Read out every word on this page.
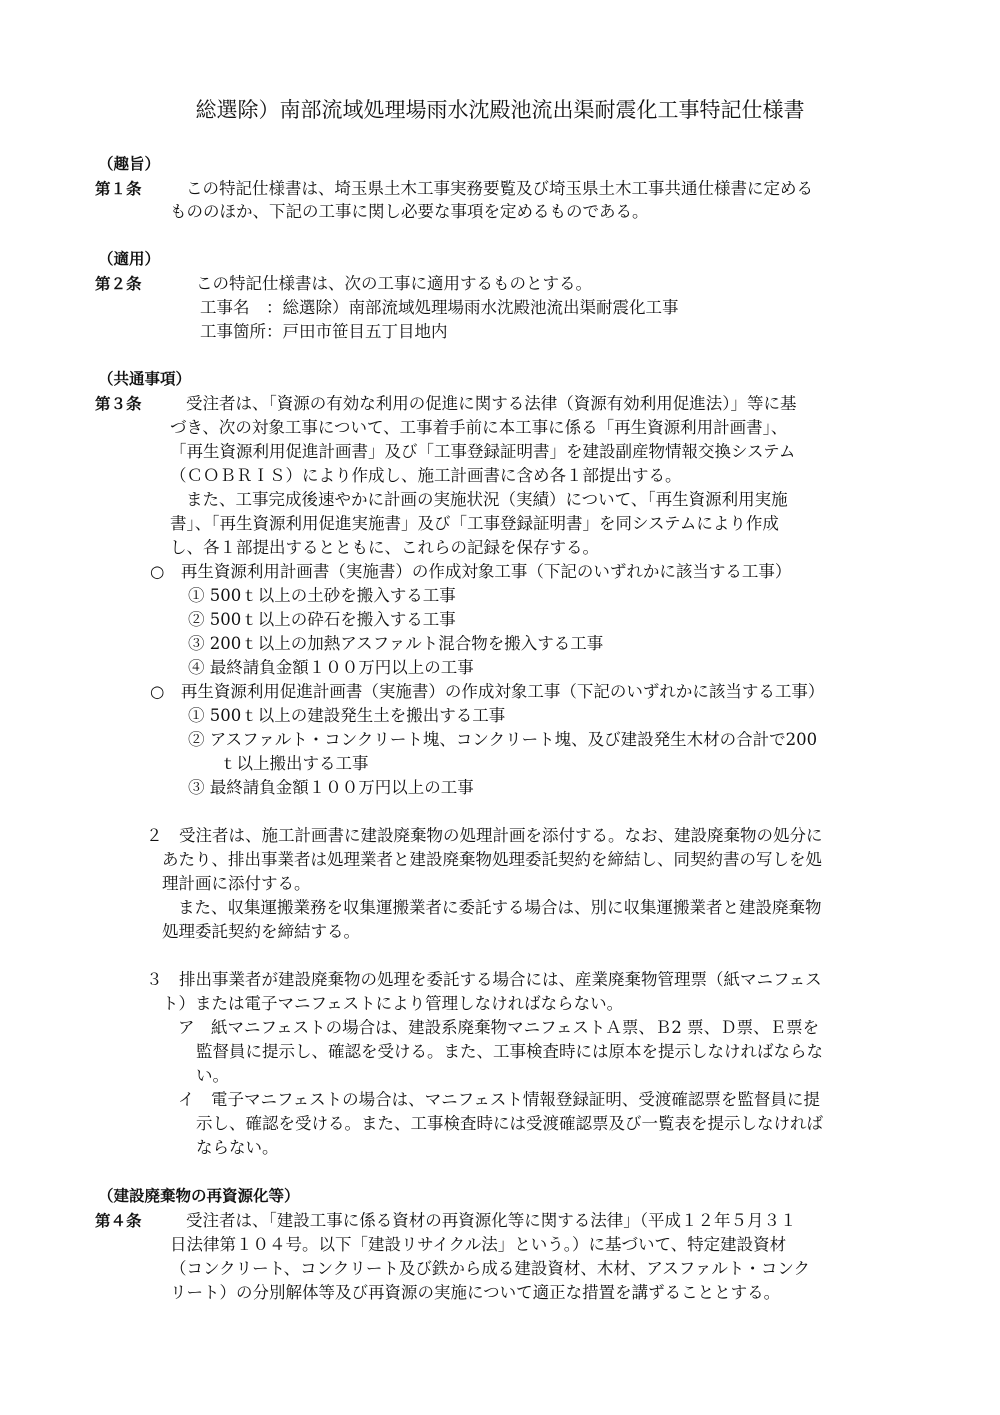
総選除）南部流域処理場雨水沈殿池流出渠耐震化工事特記仕様書
（趣旨）
第１条	この特記仕様書は、埼玉県土木工事実務要覧及び埼玉県土木工事共通仕様書に定める
もののほか、下記の工事に関し必要な事項を定めるものである。
（適用）
第２条	この特記仕様書は、次の工事に適用するものとする。
工事名　：総選除）南部流域処理場雨水沈殿池流出渠耐震化工事
工事箇所：戸田市笹目五丁目地内
（共通事項）
第３条	受注者は、「資源の有効な利用の促進に関する法律（資源有効利用促進法）」等に基
づき、次の対象工事について、工事着手前に本工事に係る「再生資源利用計画書」、
「再生資源利用促進計画書」及び「工事登録証明書」を建設副産物情報交換システム
（ＣＯＢＲＩＳ）により作成し、施工計画書に含め各１部提出する。
また、工事完成後速やかに計画の実施状況（実績）について、「再生資源利用実施
書」、「再生資源利用促進実施書」及び「工事登録証明書」を同システムにより作成
し、各１部提出するとともに、これらの記録を保存する。
○　再生資源利用計画書（実施書）の作成対象工事（下記のいずれかに該当する工事）
① 500ｔ以上の土砂を搬入する工事
② 500ｔ以上の砕石を搬入する工事
③ 200ｔ以上の加熱アスファルト混合物を搬入する工事
④ 最終請負金額１００万円以上の工事
○　再生資源利用促進計画書（実施書）の作成対象工事（下記のいずれかに該当する工事）
① 500ｔ以上の建設発生土を搬出する工事
② アスファルト・コンクリート塊、コンクリート塊、及び建設発生木材の合計で200
ｔ以上搬出する工事
③ 最終請負金額１００万円以上の工事
２　受注者は、施工計画書に建設廃棄物の処理計画を添付する。なお、建設廃棄物の処分に
あたり、排出事業者は処理業者と建設廃棄物処理委託契約を締結し、同契約書の写しを処
理計画に添付する。
また、収集運搬業務を収集運搬業者に委託する場合は、別に収集運搬業者と建設廃棄物
処理委託契約を締結する。
３　排出事業者が建設廃棄物の処理を委託する場合には、産業廃棄物管理票（紙マニフェス
ト）または電子マニフェストにより管理しなければならない。
ア　紙マニフェストの場合は、建設系廃棄物マニフェストＡ票、Ｂ2 票、Ｄ票、Ｅ票を
監督員に提示し、確認を受ける。また、工事検査時には原本を提示しなければならな
い。
イ　電子マニフェストの場合は、マニフェスト情報登録証明、受渡確認票を監督員に提
示し、確認を受ける。また、工事検査時には受渡確認票及び一覧表を提示しなければ
ならない。
（建設廃棄物の再資源化等）
第４条	受注者は、「建設工事に係る資材の再資源化等に関する法律」（平成１２年５月３１
日法律第１０４号。以下「建設リサイクル法」という。）に基づいて、特定建設資材
（コンクリート、コンクリート及び鉄から成る建設資材、木材、アスファルト・コンク
リート）の分別解体等及び再資源の実施について適正な措置を講ずることとする。
